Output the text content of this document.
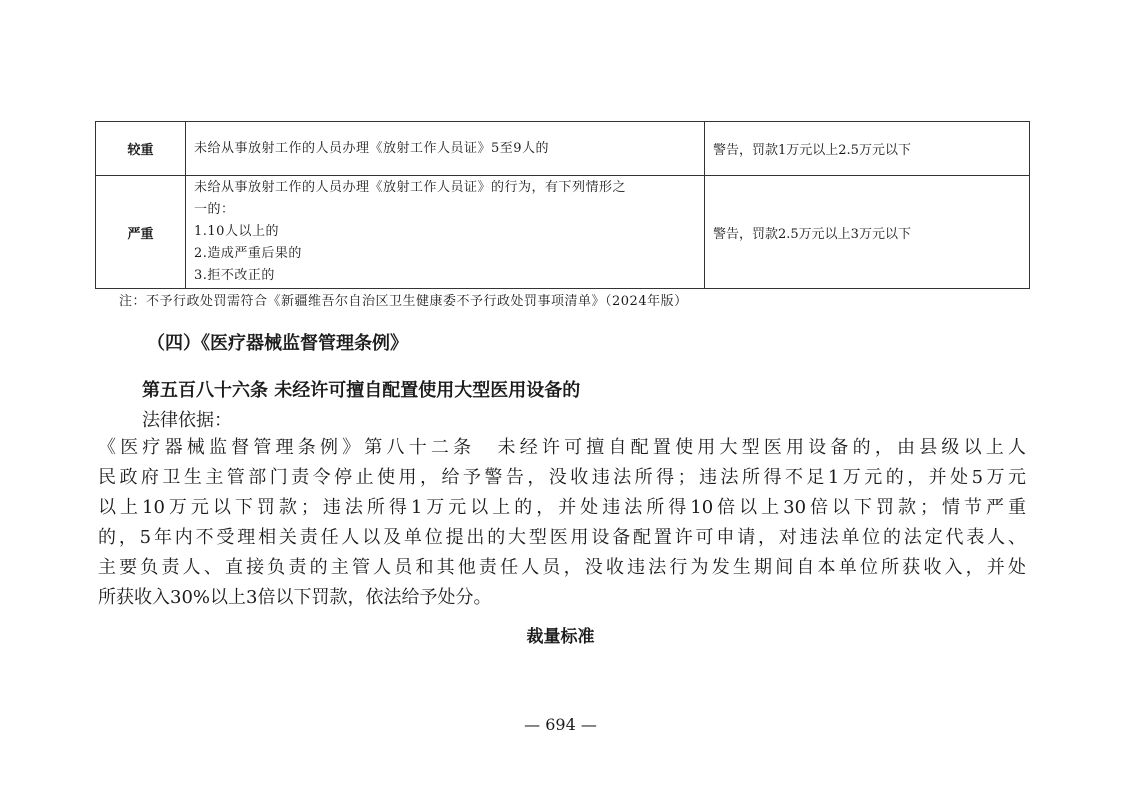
较重	未给从事放射工作的人员办理《放射工作人员证》5至9人的	警告，罚款1万元以上2.5万元以下
严重	未给从事放射工作的人员办理《放射工作人员证》的行为，有下列情形之
一的：
1.10人以上的
2.造成严重后果的
3.拒不改正的	警告，罚款2.5万元以上3万元以下
注：不予行政处罚需符合《新疆维吾尔自治区卫生健康委不予行政处罚事项清单》（2024年版）
（四）《医疗器械监督管理条例》
第五百八十六条 未经许可擅自配置使用大型医用设备的
法律依据：
《医疗器械监督管理条例》第八十二条　未经许可擅自配置使用大型医用设备的，由县级以上人
民政府卫生主管部门责令停止使用，给予警告，没收违法所得；违法所得不足1万元的，并处5万元
以上10万元以下罚款；违法所得1万元以上的，并处违法所得10倍以上30倍以下罚款；情节严重
的，5年内不受理相关责任人以及单位提出的大型医用设备配置许可申请，对违法单位的法定代表人、
主要负责人、直接负责的主管人员和其他责任人员，没收违法行为发生期间自本单位所获收入，并处
所获收入30%以上3倍以下罚款，依法给予处分。
裁量标准
— 694 —
